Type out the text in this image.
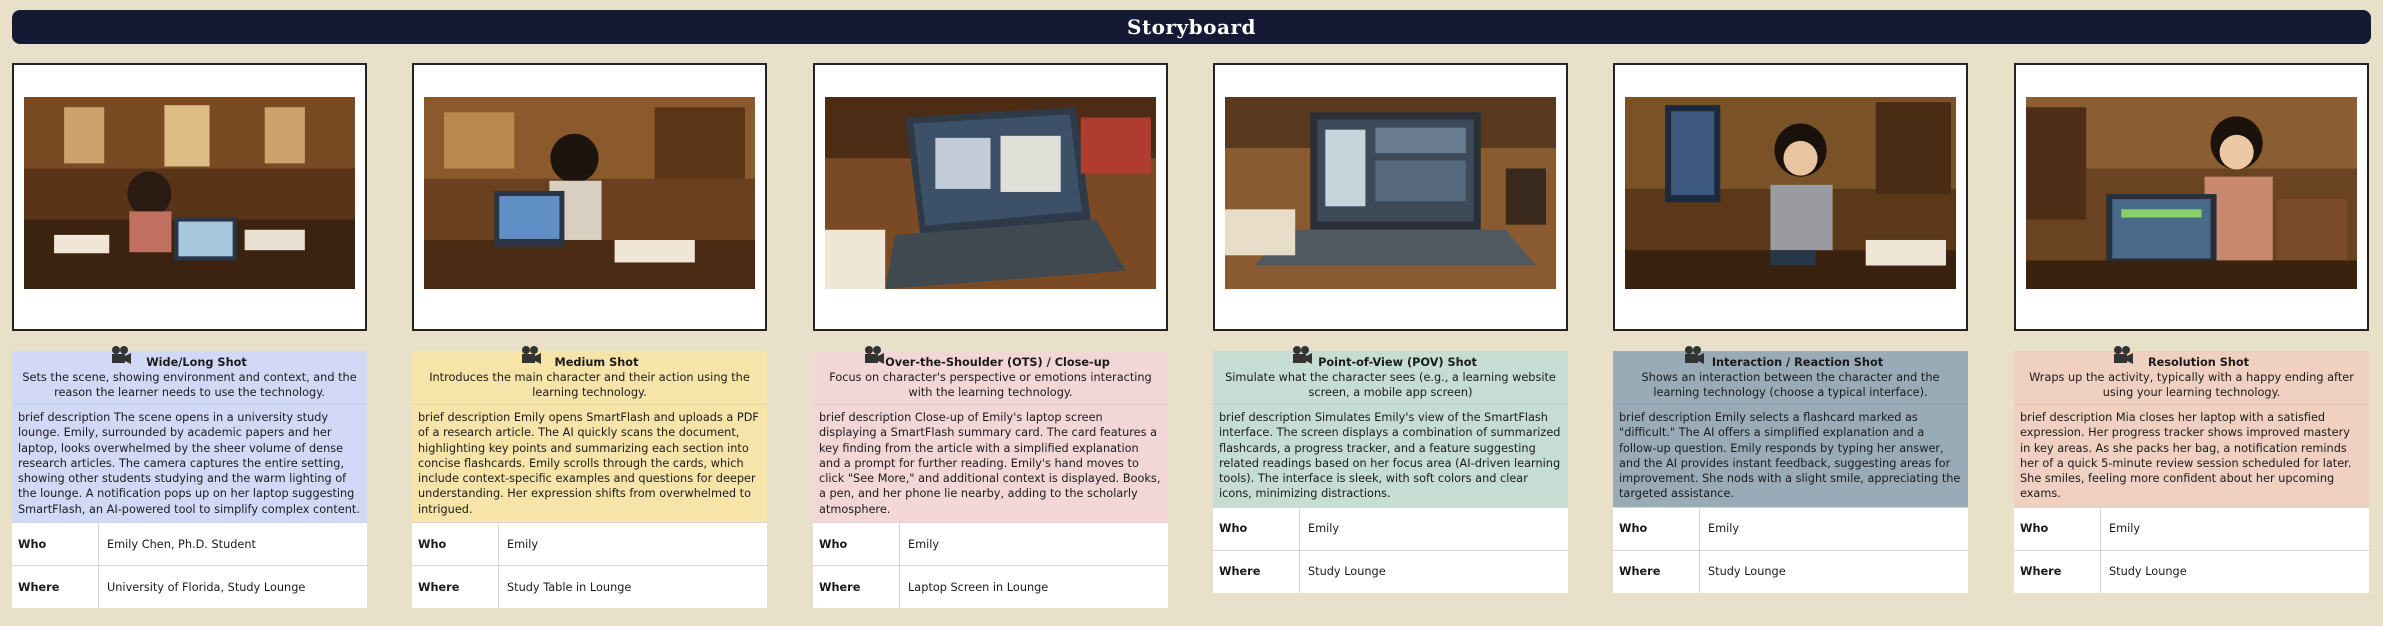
Storyboard
Wide/Long Shot
Sets the scene, showing environment and context, and the reason the learner needs to use the technology.
brief description The scene opens in a university study lounge. Emily, surrounded by academic papers and her laptop, looks overwhelmed by the sheer volume of dense research articles. The camera captures the entire setting, showing other students studying and the warm lighting of the lounge. A notification pops up on her laptop suggesting SmartFlash, an AI-powered tool to simplify complex content.
Who	Emily Chen, Ph.D. Student
Where	University of Florida, Study Lounge
Medium Shot
Introduces the main character and their action using the learning technology.
brief description Emily opens SmartFlash and uploads a PDF of a research article. The AI quickly scans the document, highlighting key points and summarizing each section into concise flashcards. Emily scrolls through the cards, which include context-specific examples and questions for deeper understanding. Her expression shifts from overwhelmed to intrigued.
Who	Emily
Where	Study Table in Lounge
Over-the-Shoulder (OTS) / Close-up
Focus on character's perspective or emotions interacting with the learning technology.
brief description Close-up of Emily's laptop screen displaying a SmartFlash summary card. The card features a key finding from the article with a simplified explanation and a prompt for further reading. Emily's hand moves to click "See More," and additional context is displayed. Books, a pen, and her phone lie nearby, adding to the scholarly atmosphere.
Who	Emily
Where	Laptop Screen in Lounge
Point-of-View (POV) Shot
Simulate what the character sees (e.g., a learning website screen, a mobile app screen)
brief description Simulates Emily's view of the SmartFlash interface. The screen displays a combination of summarized flashcards, a progress tracker, and a feature suggesting related readings based on her focus area (AI-driven learning tools). The interface is sleek, with soft colors and clear icons, minimizing distractions.
Who	Emily
Where	Study Lounge
Interaction / Reaction Shot
Shows an interaction between the character and the learning technology (choose a typical interface).
brief description Emily selects a flashcard marked as "difficult." The AI offers a simplified explanation and a follow-up question. Emily responds by typing her answer, and the AI provides instant feedback, suggesting areas for improvement. She nods with a slight smile, appreciating the targeted assistance.
Who	Emily
Where	Study Lounge
Resolution Shot
Wraps up the activity, typically with a happy ending after using your learning technology.
brief description Mia closes her laptop with a satisfied expression. Her progress tracker shows improved mastery in key areas. As she packs her bag, a notification reminds her of a quick 5-minute review session scheduled for later. She smiles, feeling more confident about her upcoming exams.
Who	Emily
Where	Study Lounge
